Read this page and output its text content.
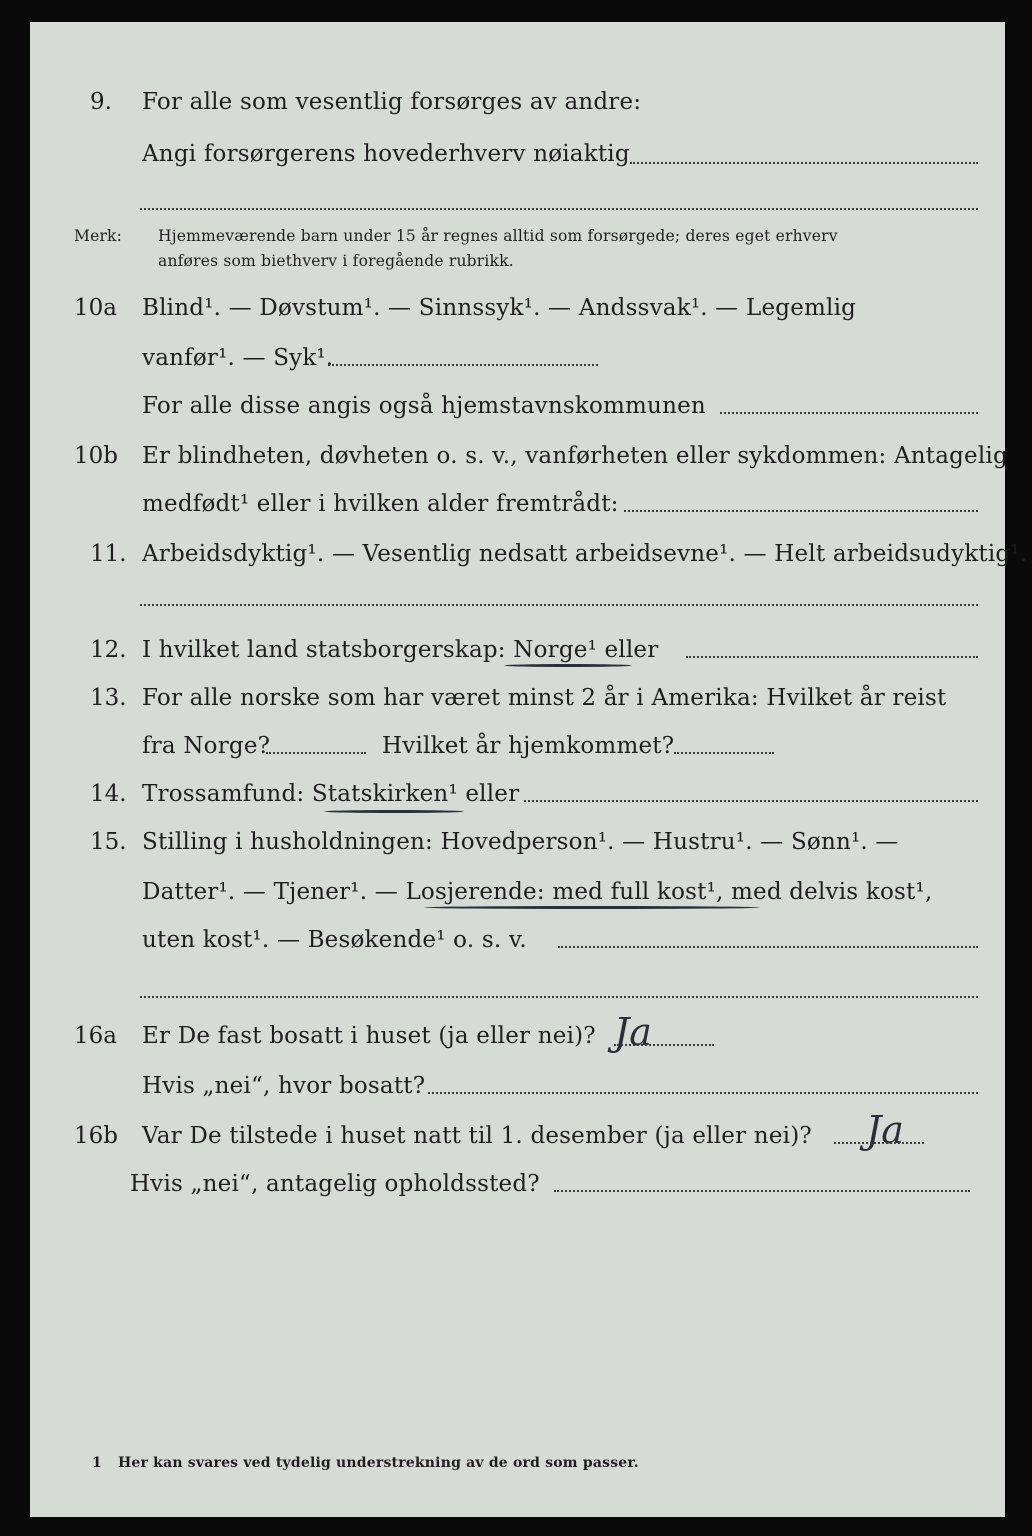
9. For alle som vesentlig forsørges av andre:
Angi forsørgerens hovederhverv nøiaktig
Merk: Hjemmeværende barn under 15 år regnes alltid som forsørgede; deres eget erhverv
anføres som biethverv i foregående rubrikk.
10a Blind¹. — Døvstum¹. — Sinnssyk¹. — Andssvak¹. — Legemlig
vanfør¹. — Syk¹.
For alle disse angis også hjemstavnskommunen
10b Er blindheten, døvheten o. s. v., vanførheten eller sykdommen: Antagelig
medfødt¹ eller i hvilken alder fremtrådt:
11. Arbeidsdyktig¹. — Vesentlig nedsatt arbeidsevne¹. — Helt arbeidsudyktig¹.
12. I hvilket land statsborgerskap: Norge¹ eller
13. For alle norske som har været minst 2 år i Amerika: Hvilket år reist
fra Norge?	Hvilket år hjemkommet?
14. Trossamfund: Statskirken¹ eller
15. Stilling i husholdningen: Hovedperson¹. — Hustru¹. — Sønn¹. —
Datter¹. — Tjener¹. — Losjerende: med full kost¹, med delvis kost¹,
uten kost¹. — Besøkende¹ o. s. v.
16a Er De fast bosatt i huset (ja eller nei)? Ja
Hvis „nei“, hvor bosatt?
16b Var De tilstede i huset natt til 1. desember (ja eller nei)? Ja
Hvis „nei“, antagelig opholdssted?
1 Her kan svares ved tydelig understrekning av de ord som passer.
